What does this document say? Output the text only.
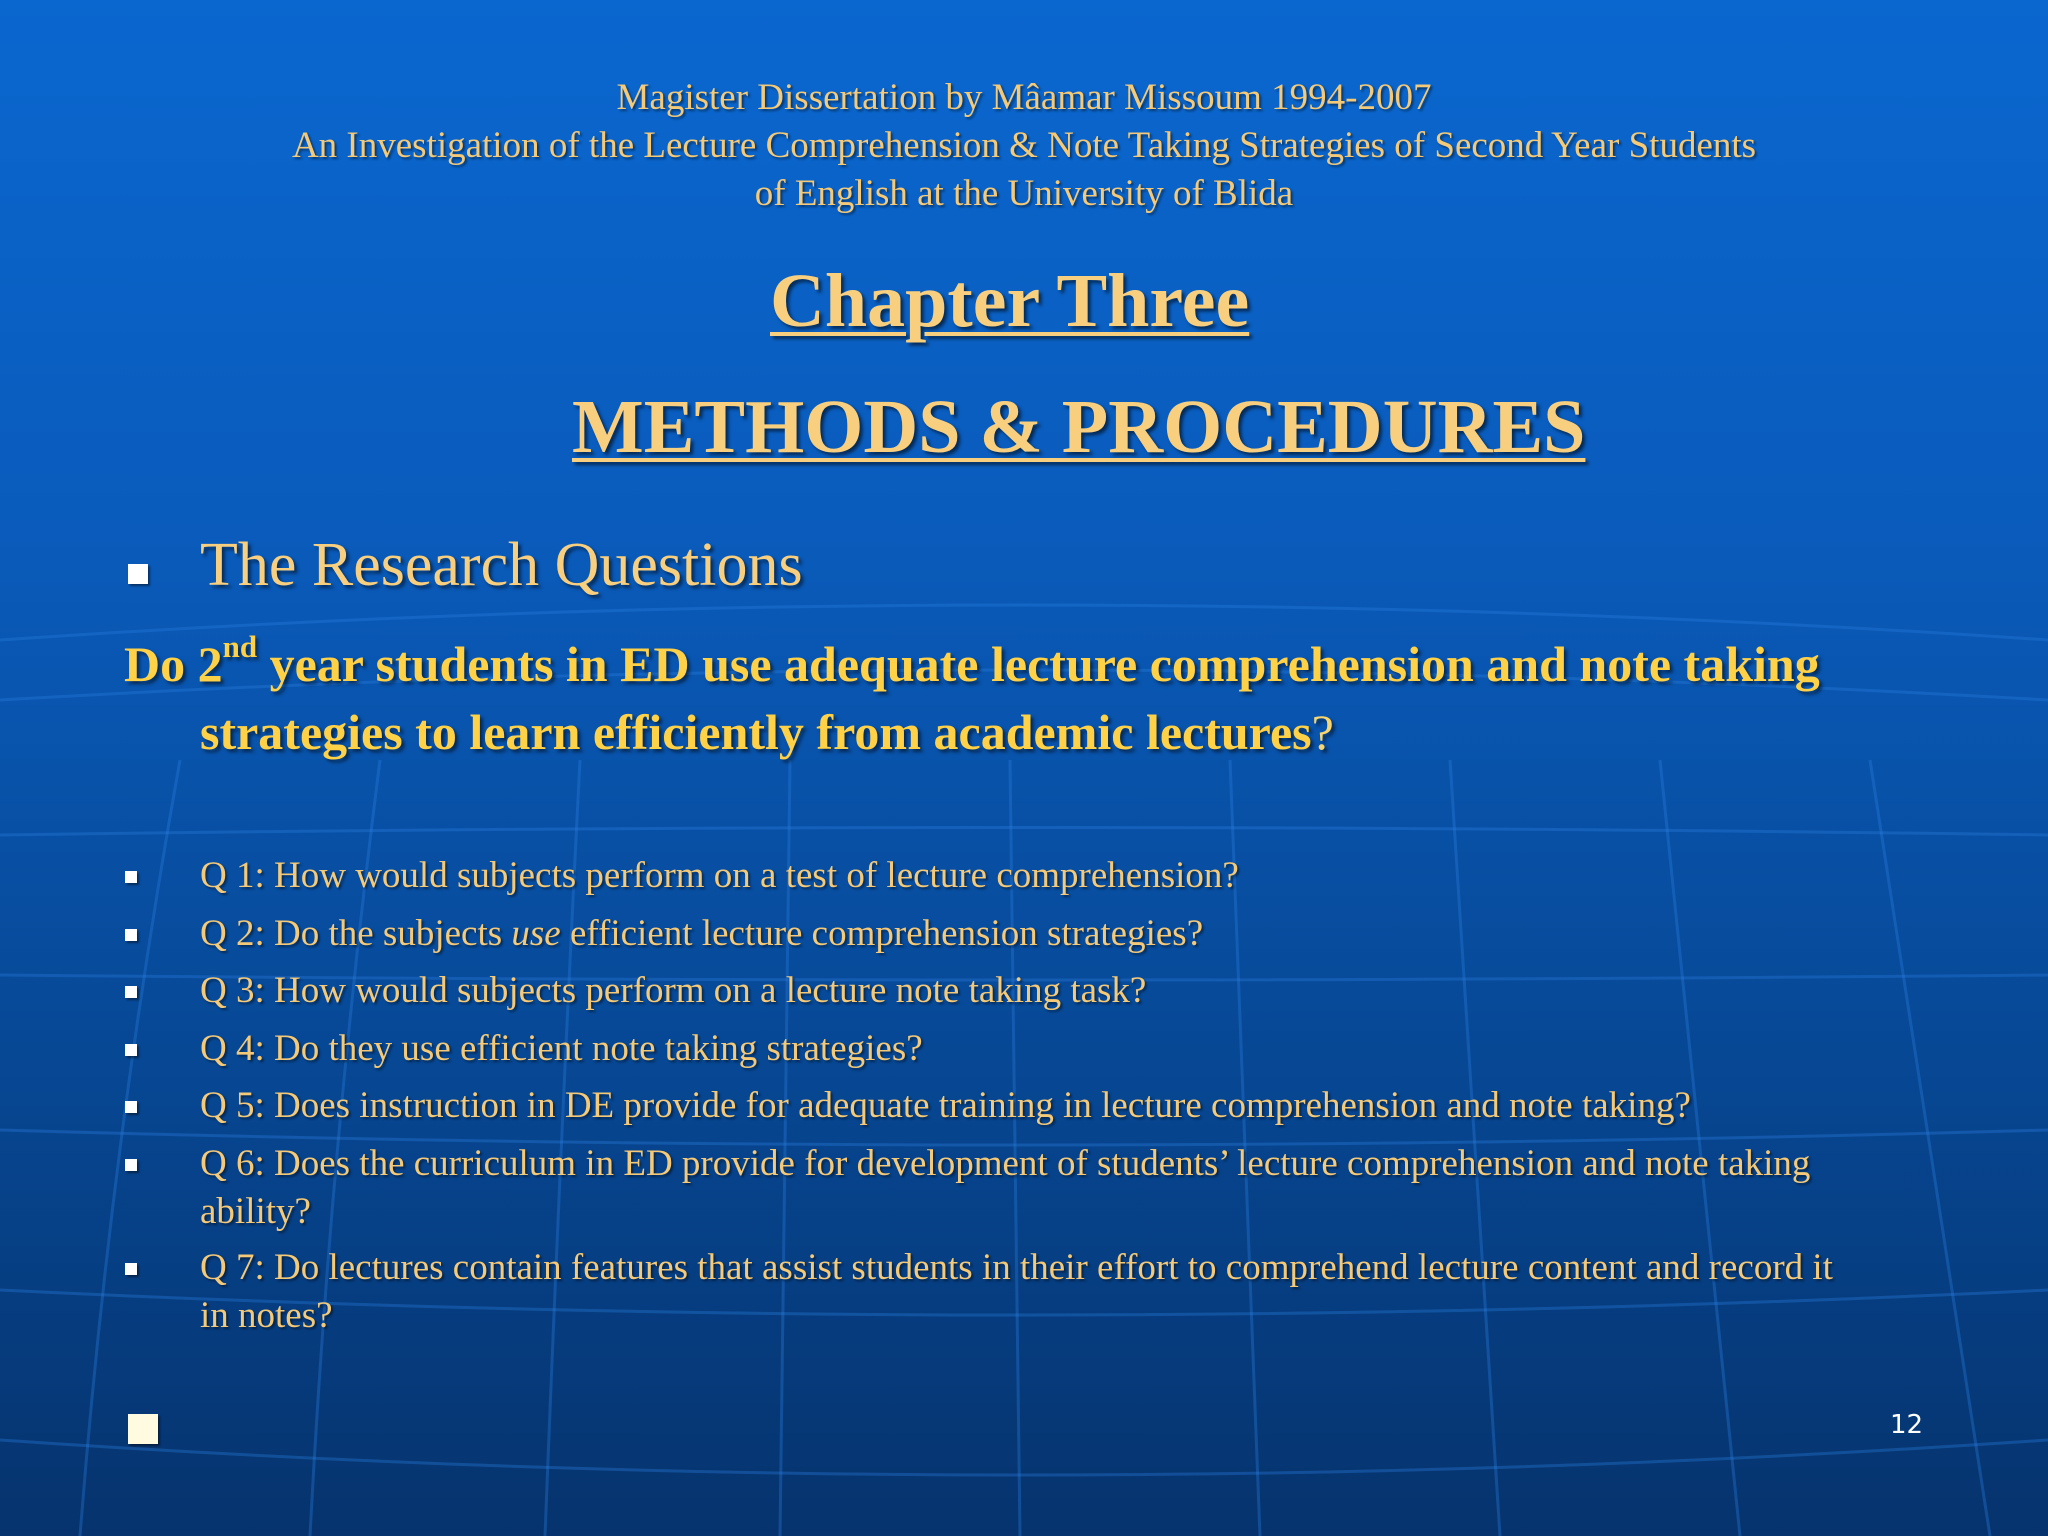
Magister Dissertation by Mâamar Missoum 1994-2007
An Investigation of the Lecture Comprehension & Note Taking Strategies of Second Year Students
of English at the University of Blida
Chapter Three
METHODS & PROCEDURES
The Research Questions
Do 2nd year students in ED use adequate lecture comprehension and note taking strategies to learn efficiently from academic lectures?
Q 1: How would subjects perform on a test of lecture comprehension?
Q 2: Do the subjects use efficient lecture comprehension strategies?
Q 3: How would subjects perform on a lecture note taking task?
Q 4: Do they use efficient note taking strategies?
Q 5: Does instruction in DE provide for adequate training in lecture comprehension and note taking?
Q 6: Does the curriculum in ED provide for development of students’ lecture comprehension and note taking ability?
Q 7: Do lectures contain features that assist students in their effort to comprehend lecture content and record it in notes?
12
